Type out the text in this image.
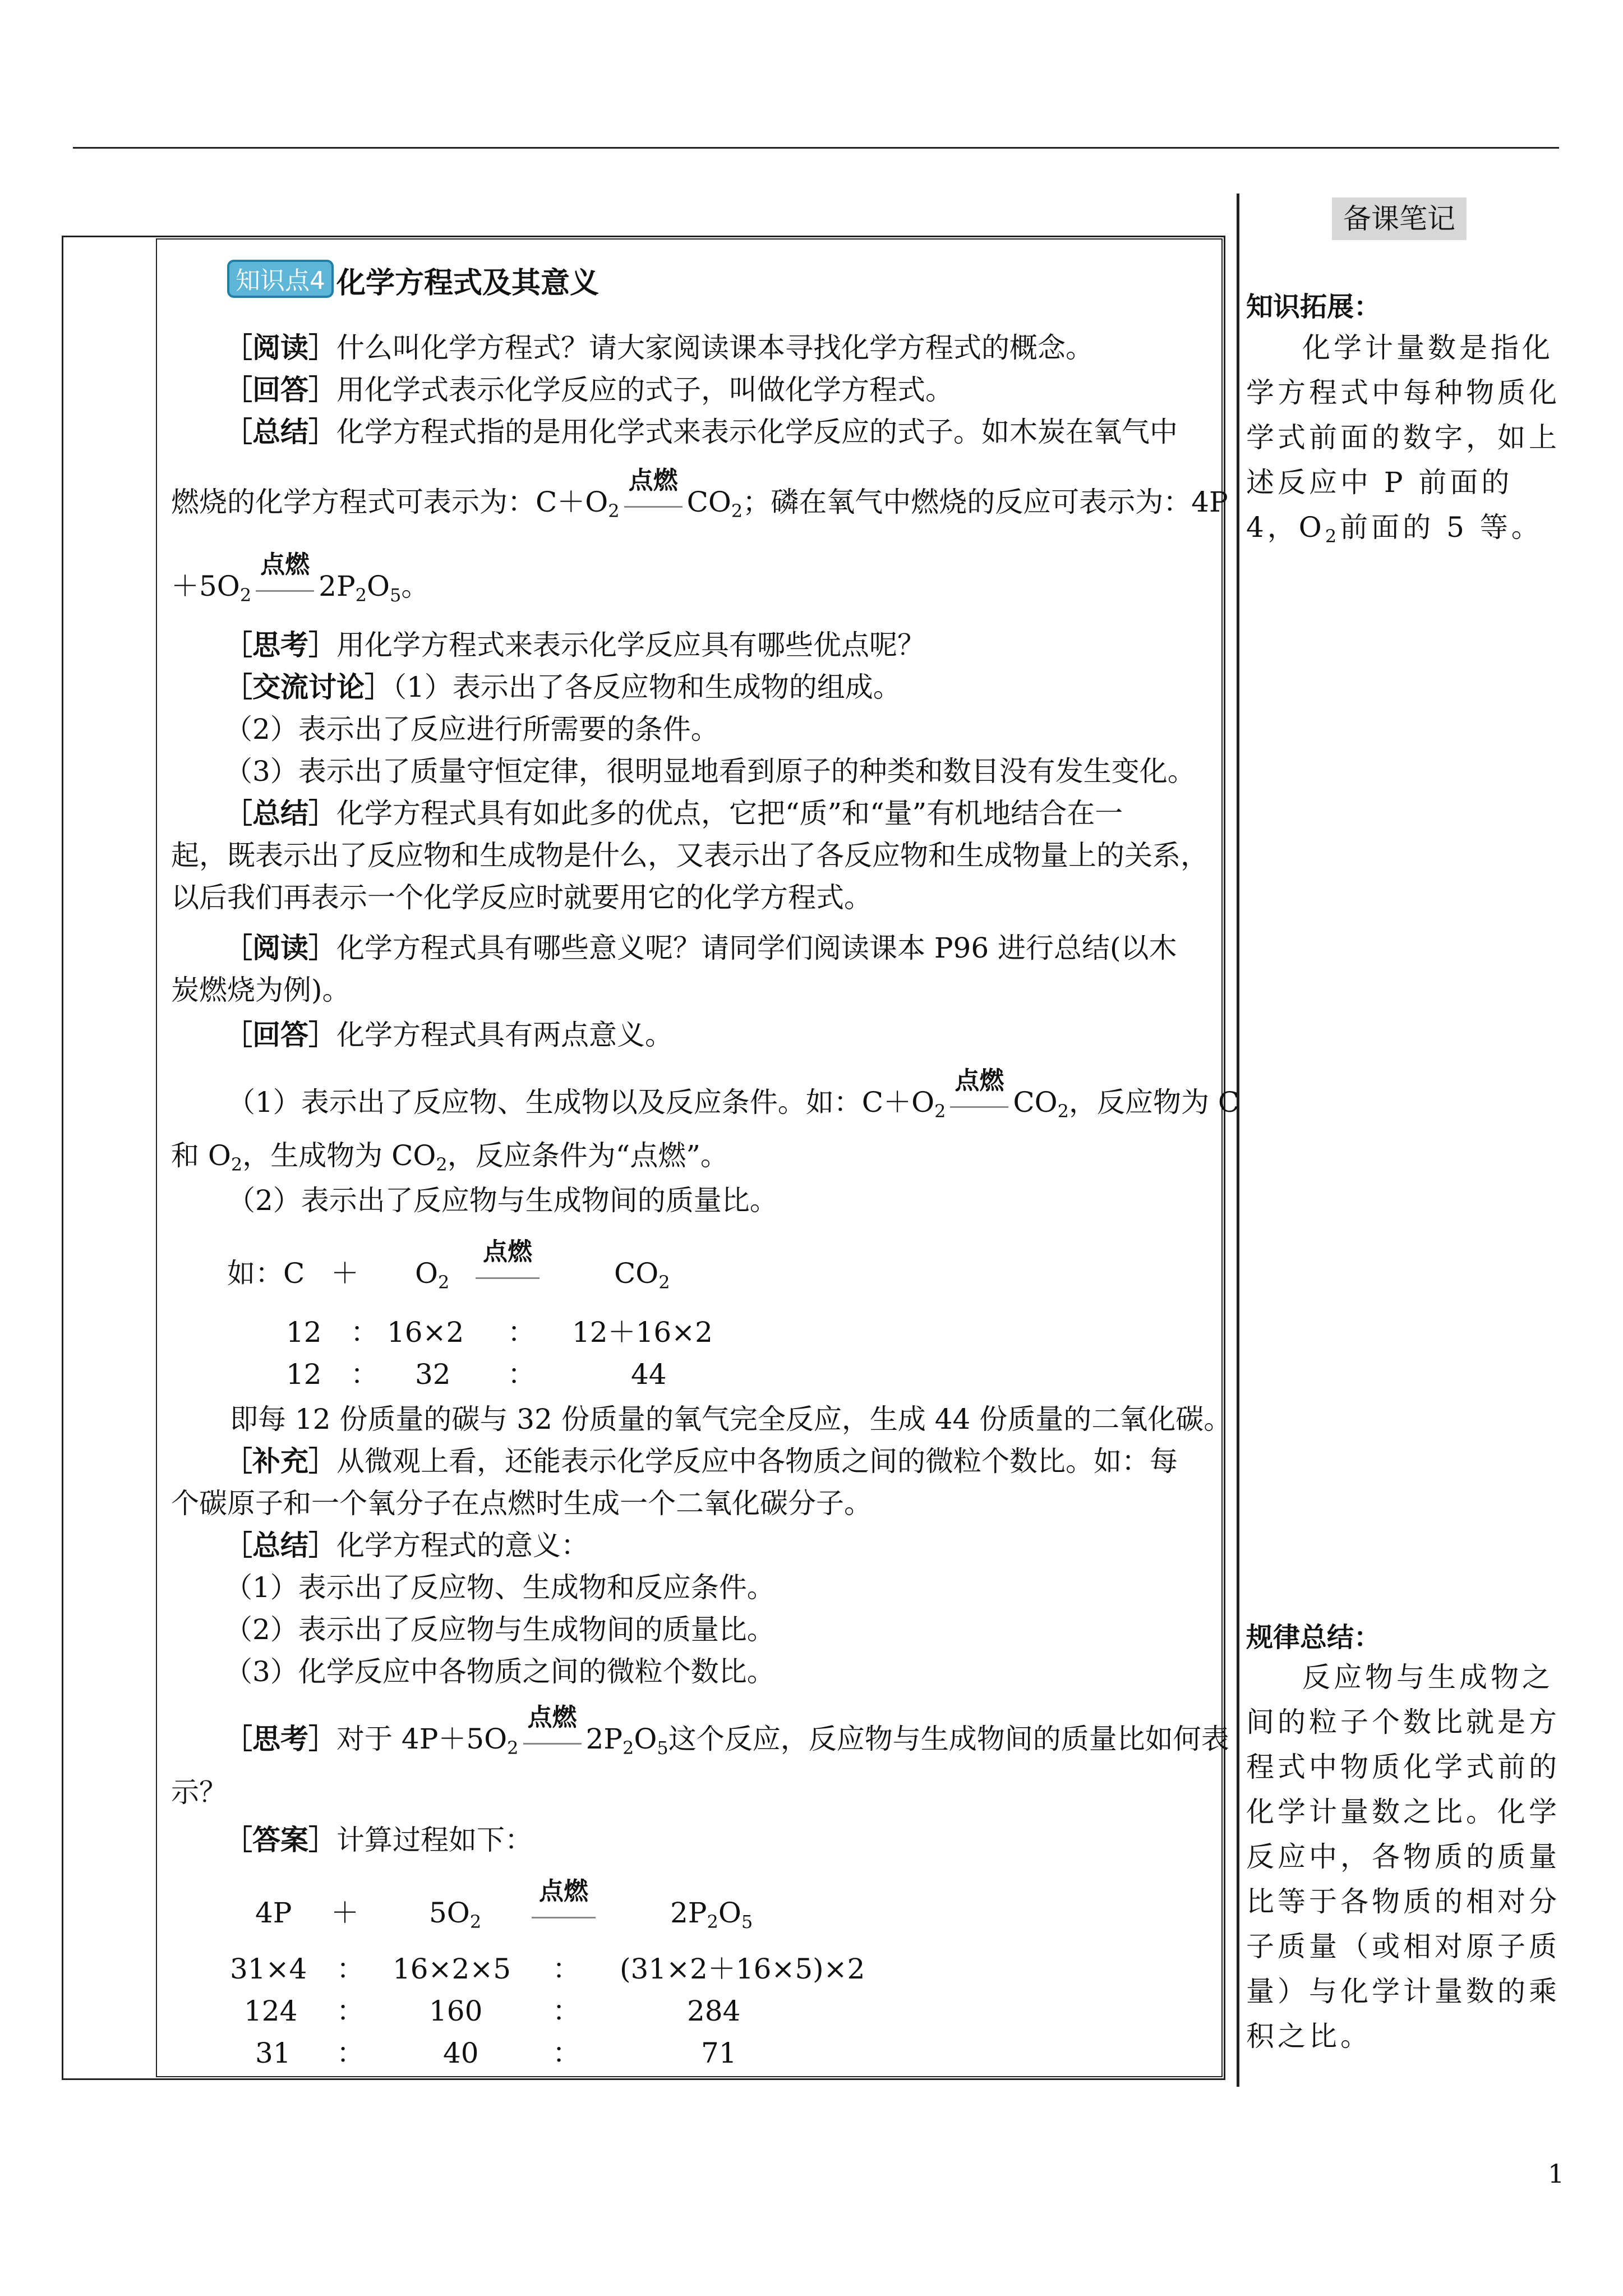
备课笔记
知识点4 化学方程式及其意义
［阅读］什么叫化学方程式？请大家阅读课本寻找化学方程式的概念。
［回答］用化学式表示化学反应的式子，叫做化学方程式。
［总结］化学方程式指的是用化学式来表示化学反应的式子。如木炭在氧气中
燃烧的化学方程式可表示为：$C+O_2$
点燃
$CO_2$；磷在氧气中燃烧的反应可表示为：4P
$+5O_2$
点燃
$2P_2O_5$。
［思考］用化学方程式来表示化学反应具有哪些优点呢？
［交流讨论］（1）表示出了各反应物和生成物的组成。
（2）表示出了反应进行所需要的条件。
（3）表示出了质量守恒定律，很明显地看到原子的种类和数目没有发生变化。
［总结］化学方程式具有如此多的优点，它把“质”和“量”有机地结合在一
起，既表示出了反应物和生成物是什么，又表示出了各反应物和生成物量上的关系，
以后我们再表示一个化学反应时就要用它的化学方程式。
［阅读］化学方程式具有哪些意义呢？请同学们阅读课本 P96 进行总结(以木
炭燃烧为例)。
［回答］化学方程式具有两点意义。
（1）表示出了反应物、生成物以及反应条件。如：$C+O_2$
点燃
$CO_2$，反应物为 C
和 $O_2$，生成物为 $CO_2$，反应条件为“点燃”。
（2）表示出了反应物与生成物间的质量比。
如：$C + O_2$
点燃
$CO_2$
12 ： 16×2 ： 12＋16×2
12 ： 32 ：	44
即每 12 份质量的碳与 32 份质量的氧气完全反应，生成 44 份质量的二氧化碳。
［补充］从微观上看，还能表示化学反应中各物质之间的微粒个数比。如：每
个碳原子和一个氧分子在点燃时生成一个二氧化碳分子。
［总结］化学方程式的意义：
（1）表示出了反应物、生成物和反应条件。
（2）表示出了反应物与生成物间的质量比。
（3）化学反应中各物质之间的微粒个数比。
［思考］对于 $4P+5O_2$
点燃
$2P_2O_5$这个反应，反应物与生成物间的质量比如何表
示？
［答案］计算过程如下：
4P ＋	$5O_2$
点燃
$2P_2O_5$
31×4 ： 16×2×5 ： (31×2＋16×5)×2
124 ： 160 ：	284
31 ：	40	：	71
知识拓展：
化学计量数是指化学方程式中每种物质化学式前面的数字，如上述反应中 P 前面的 4，$O_2$前面的 5 等。
规律总结：
反应物与生成物之间的粒子个数比就是方程式中物质化学式前的化学计量数之比。化学反应中，各物质的质量比等于各物质的相对分子质量（或相对原子质量）与化学计量数的乘积之比。
1
